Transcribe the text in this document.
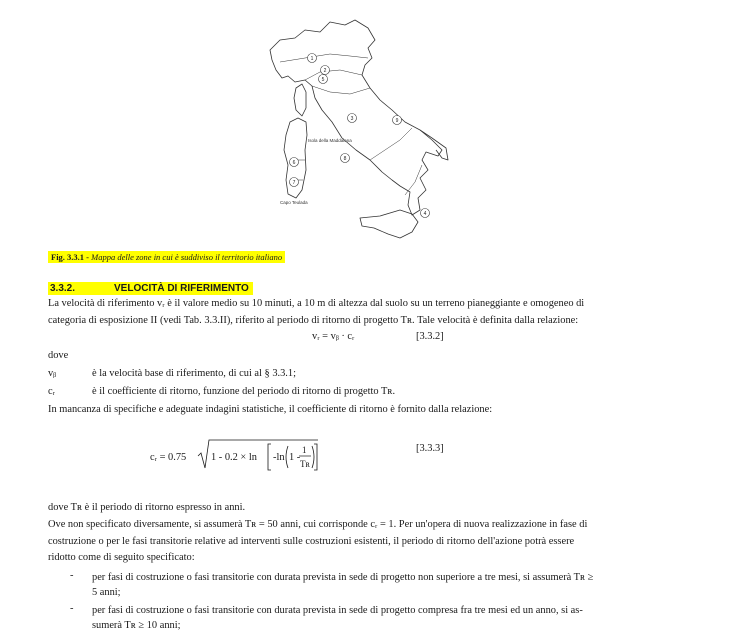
1
2
3
4
5
6
7
8
9
Isola della Maddalena
Capo Teulada
Fig. 3.3.1 - Mappa delle zone in cui è suddiviso il territorio italiano
3.3.2.	VELOCITÀ DI RIFERIMENTO
La velocità di riferimento vᵣ è il valore medio su 10 minuti, a 10 m di altezza dal suolo su un terreno pianeggiante e omogeneo di
categoria di esposizione II (vedi Tab. 3.3.II), riferito al periodo di ritorno di progetto Tʀ. Tale velocità è definita dalla relazione:
vᵣ = vᵦ · cᵣ	[3.3.2]
dove
vᵦ	è la velocità base di riferimento, di cui al § 3.3.1;
cᵣ	è il coefficiente di ritorno, funzione del periodo di ritorno di progetto Tʀ.
In mancanza di specifiche e adeguate indagini statistiche, il coefficiente di ritorno è fornito dalla relazione:
cᵣ = 0.75 1 - 0.2 × ln -ln 1 -
1
Tʀ
[3.3.3]
dove Tʀ è il periodo di ritorno espresso in anni.
Ove non specificato diversamente, si assumerà Tʀ = 50 anni, cui corrisponde cᵣ = 1. Per un'opera di nuova realizzazione in fase di
costruzione o per le fasi transitorie relative ad interventi sulle costruzioni esistenti, il periodo di ritorno dell'azione potrà essere
ridotto come di seguito specificato:
- per fasi di costruzione o fasi transitorie con durata prevista in sede di progetto non superiore a tre mesi, si assumerà Tʀ ≥
5 anni;
- per fasi di costruzione o fasi transitorie con durata prevista in sede di progetto compresa fra tre mesi ed un anno, si as-
sumerà Tʀ ≥ 10 anni;
